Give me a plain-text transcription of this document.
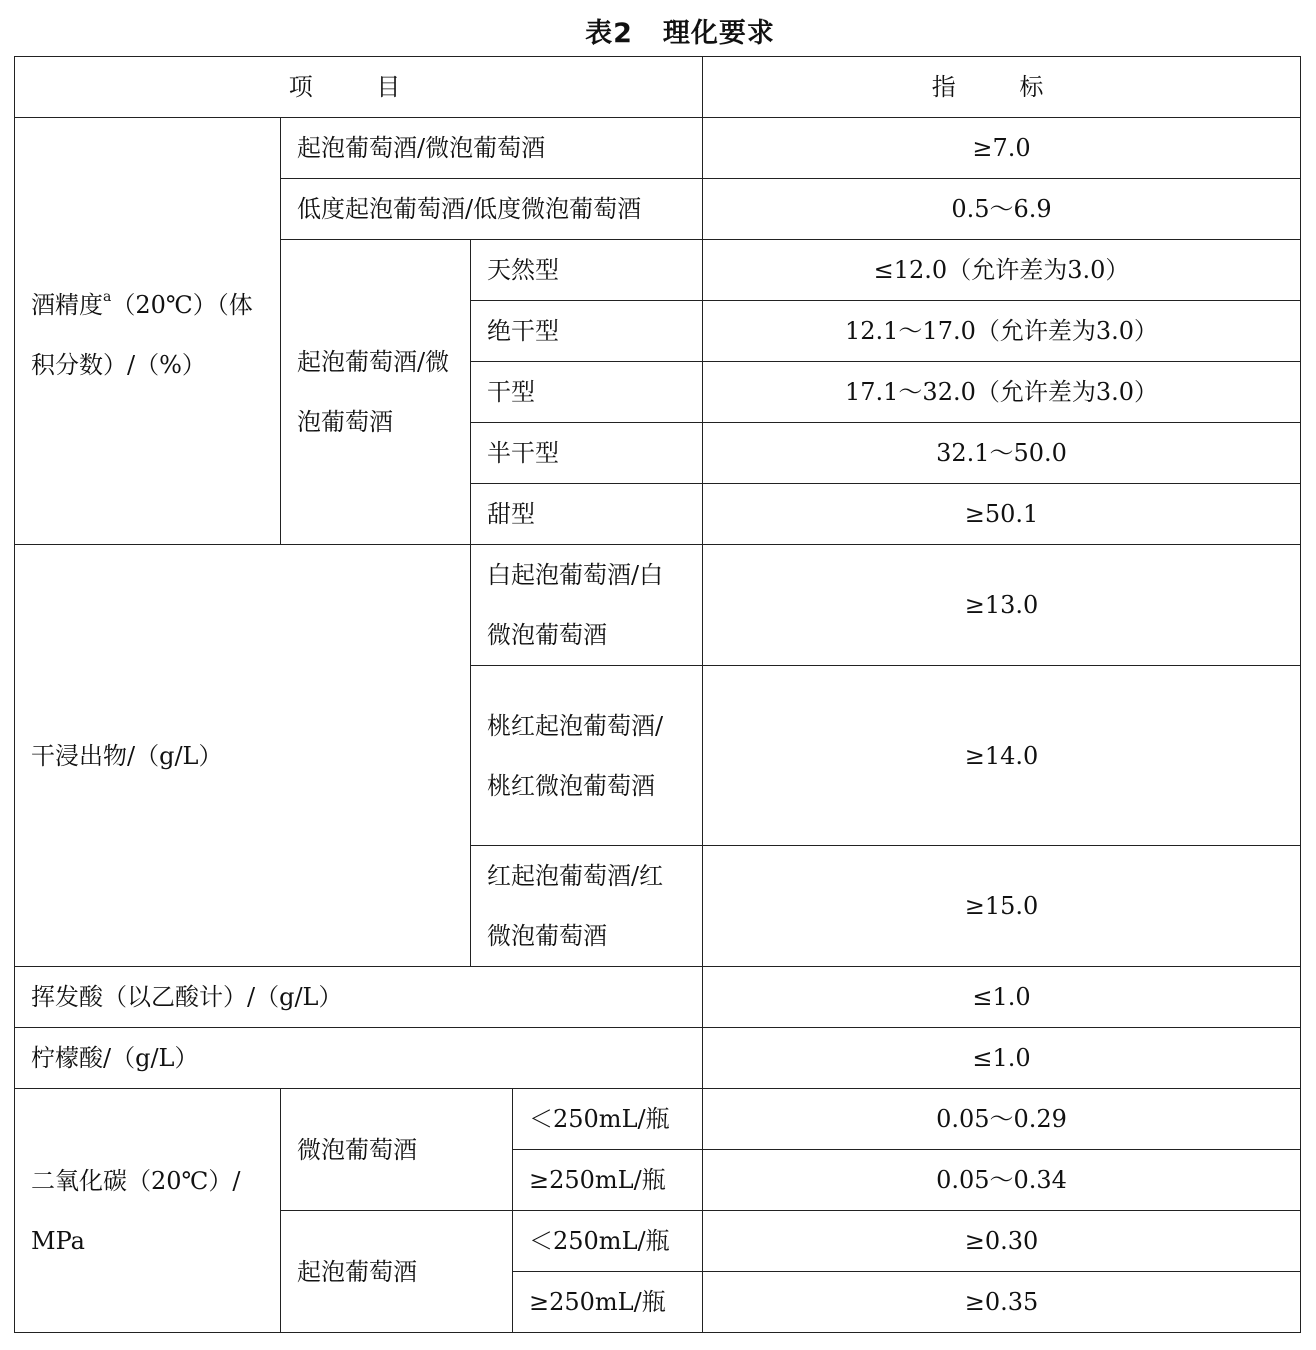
表2 理化要求
项 目				指 标
酒精度$^a$（20℃）（体积分数）/（%）	起泡葡萄酒/微泡葡萄酒			≥7.0
	低度起泡葡萄酒/低度微泡葡萄酒			0.5～6.9
	起泡葡萄酒/微泡葡萄酒	天然型		≤12.0（允许差为3.0）
		绝干型		12.1～17.0（允许差为3.0）
		干型		17.1～32.0（允许差为3.0）
		半干型		32.1～50.0
		甜型		≥50.1
干浸出物/（g/L）		白起泡葡萄酒/白微泡葡萄酒		≥13.0
		桃红起泡葡萄酒/桃红微泡葡萄酒		≥14.0
		红起泡葡萄酒/红微泡葡萄酒		≥15.0
挥发酸（以乙酸计）/（g/L）				≤1.0
柠檬酸/（g/L）				≤1.0
二氧化碳（20℃）/MPa	微泡葡萄酒		＜250mL/瓶	0.05～0.29
			≥250mL/瓶	0.05～0.34
	起泡葡萄酒		＜250mL/瓶	≥0.30
			≥250mL/瓶	≥0.35
